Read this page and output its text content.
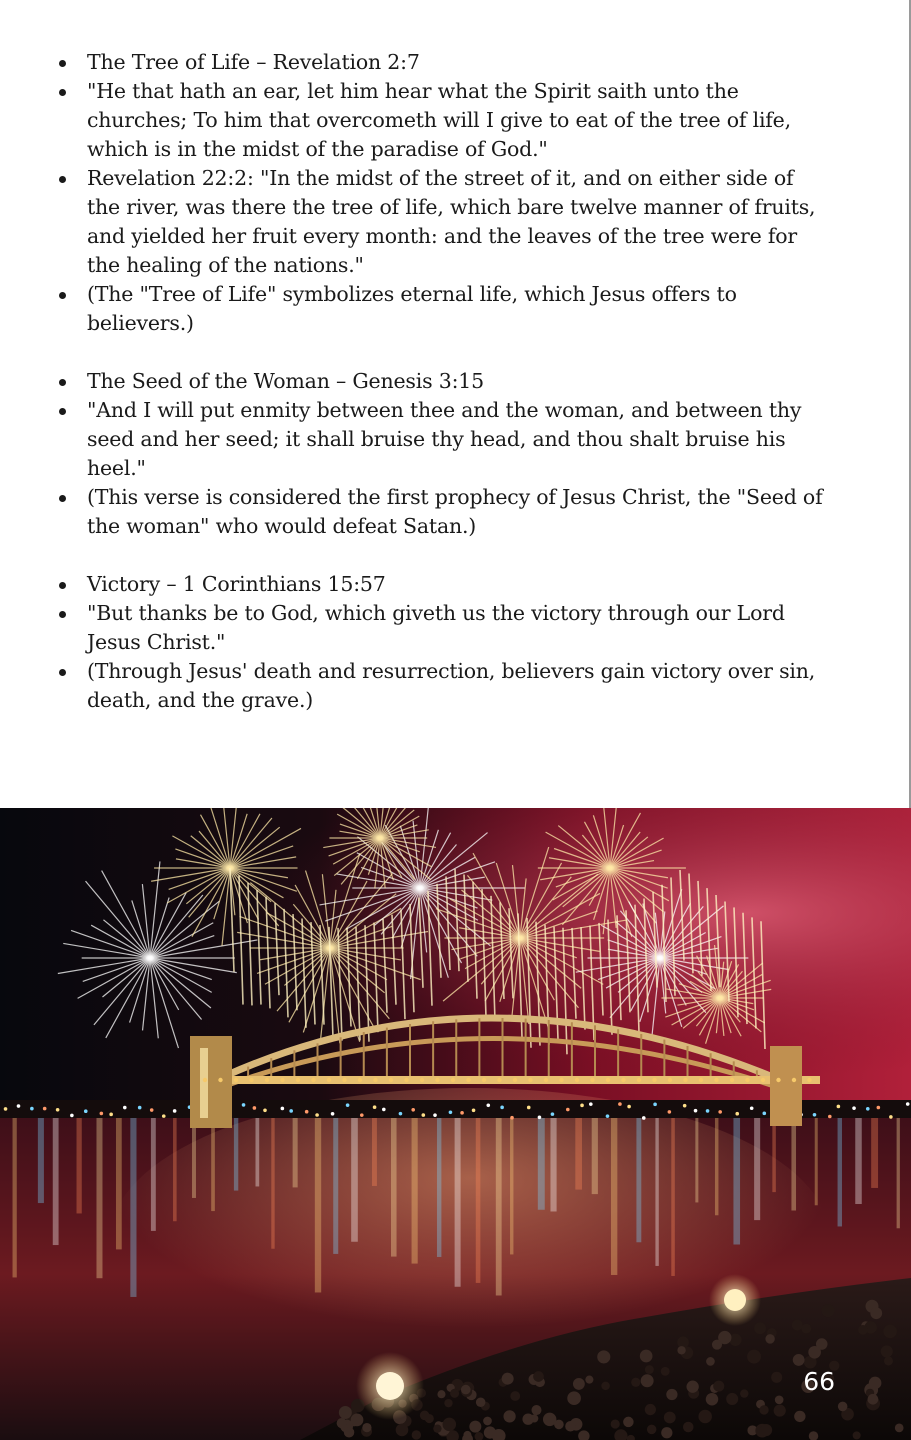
The Tree of Life – Revelation 2:7
"He that hath an ear, let him hear what the Spirit saith unto the churches; To him that overcometh will I give to eat of the tree of life, which is in the midst of the paradise of God."
Revelation 22:2: "In the midst of the street of it, and on either side of the river, was there the tree of life, which bare twelve manner of fruits, and yielded her fruit every month: and the leaves of the tree were for the healing of the nations."
(The "Tree of Life" symbolizes eternal life, which Jesus offers to believers.)
The Seed of the Woman – Genesis 3:15
"And I will put enmity between thee and the woman, and between thy seed and her seed; it shall bruise thy head, and thou shalt bruise his heel."
(This verse is considered the first prophecy of Jesus Christ, the "Seed of the woman" who would defeat Satan.)
Victory – 1 Corinthians 15:57
"But thanks be to God, which giveth us the victory through our Lord Jesus Christ."
(Through Jesus' death and resurrection, believers gain victory over sin, death, and the grave.)
66
